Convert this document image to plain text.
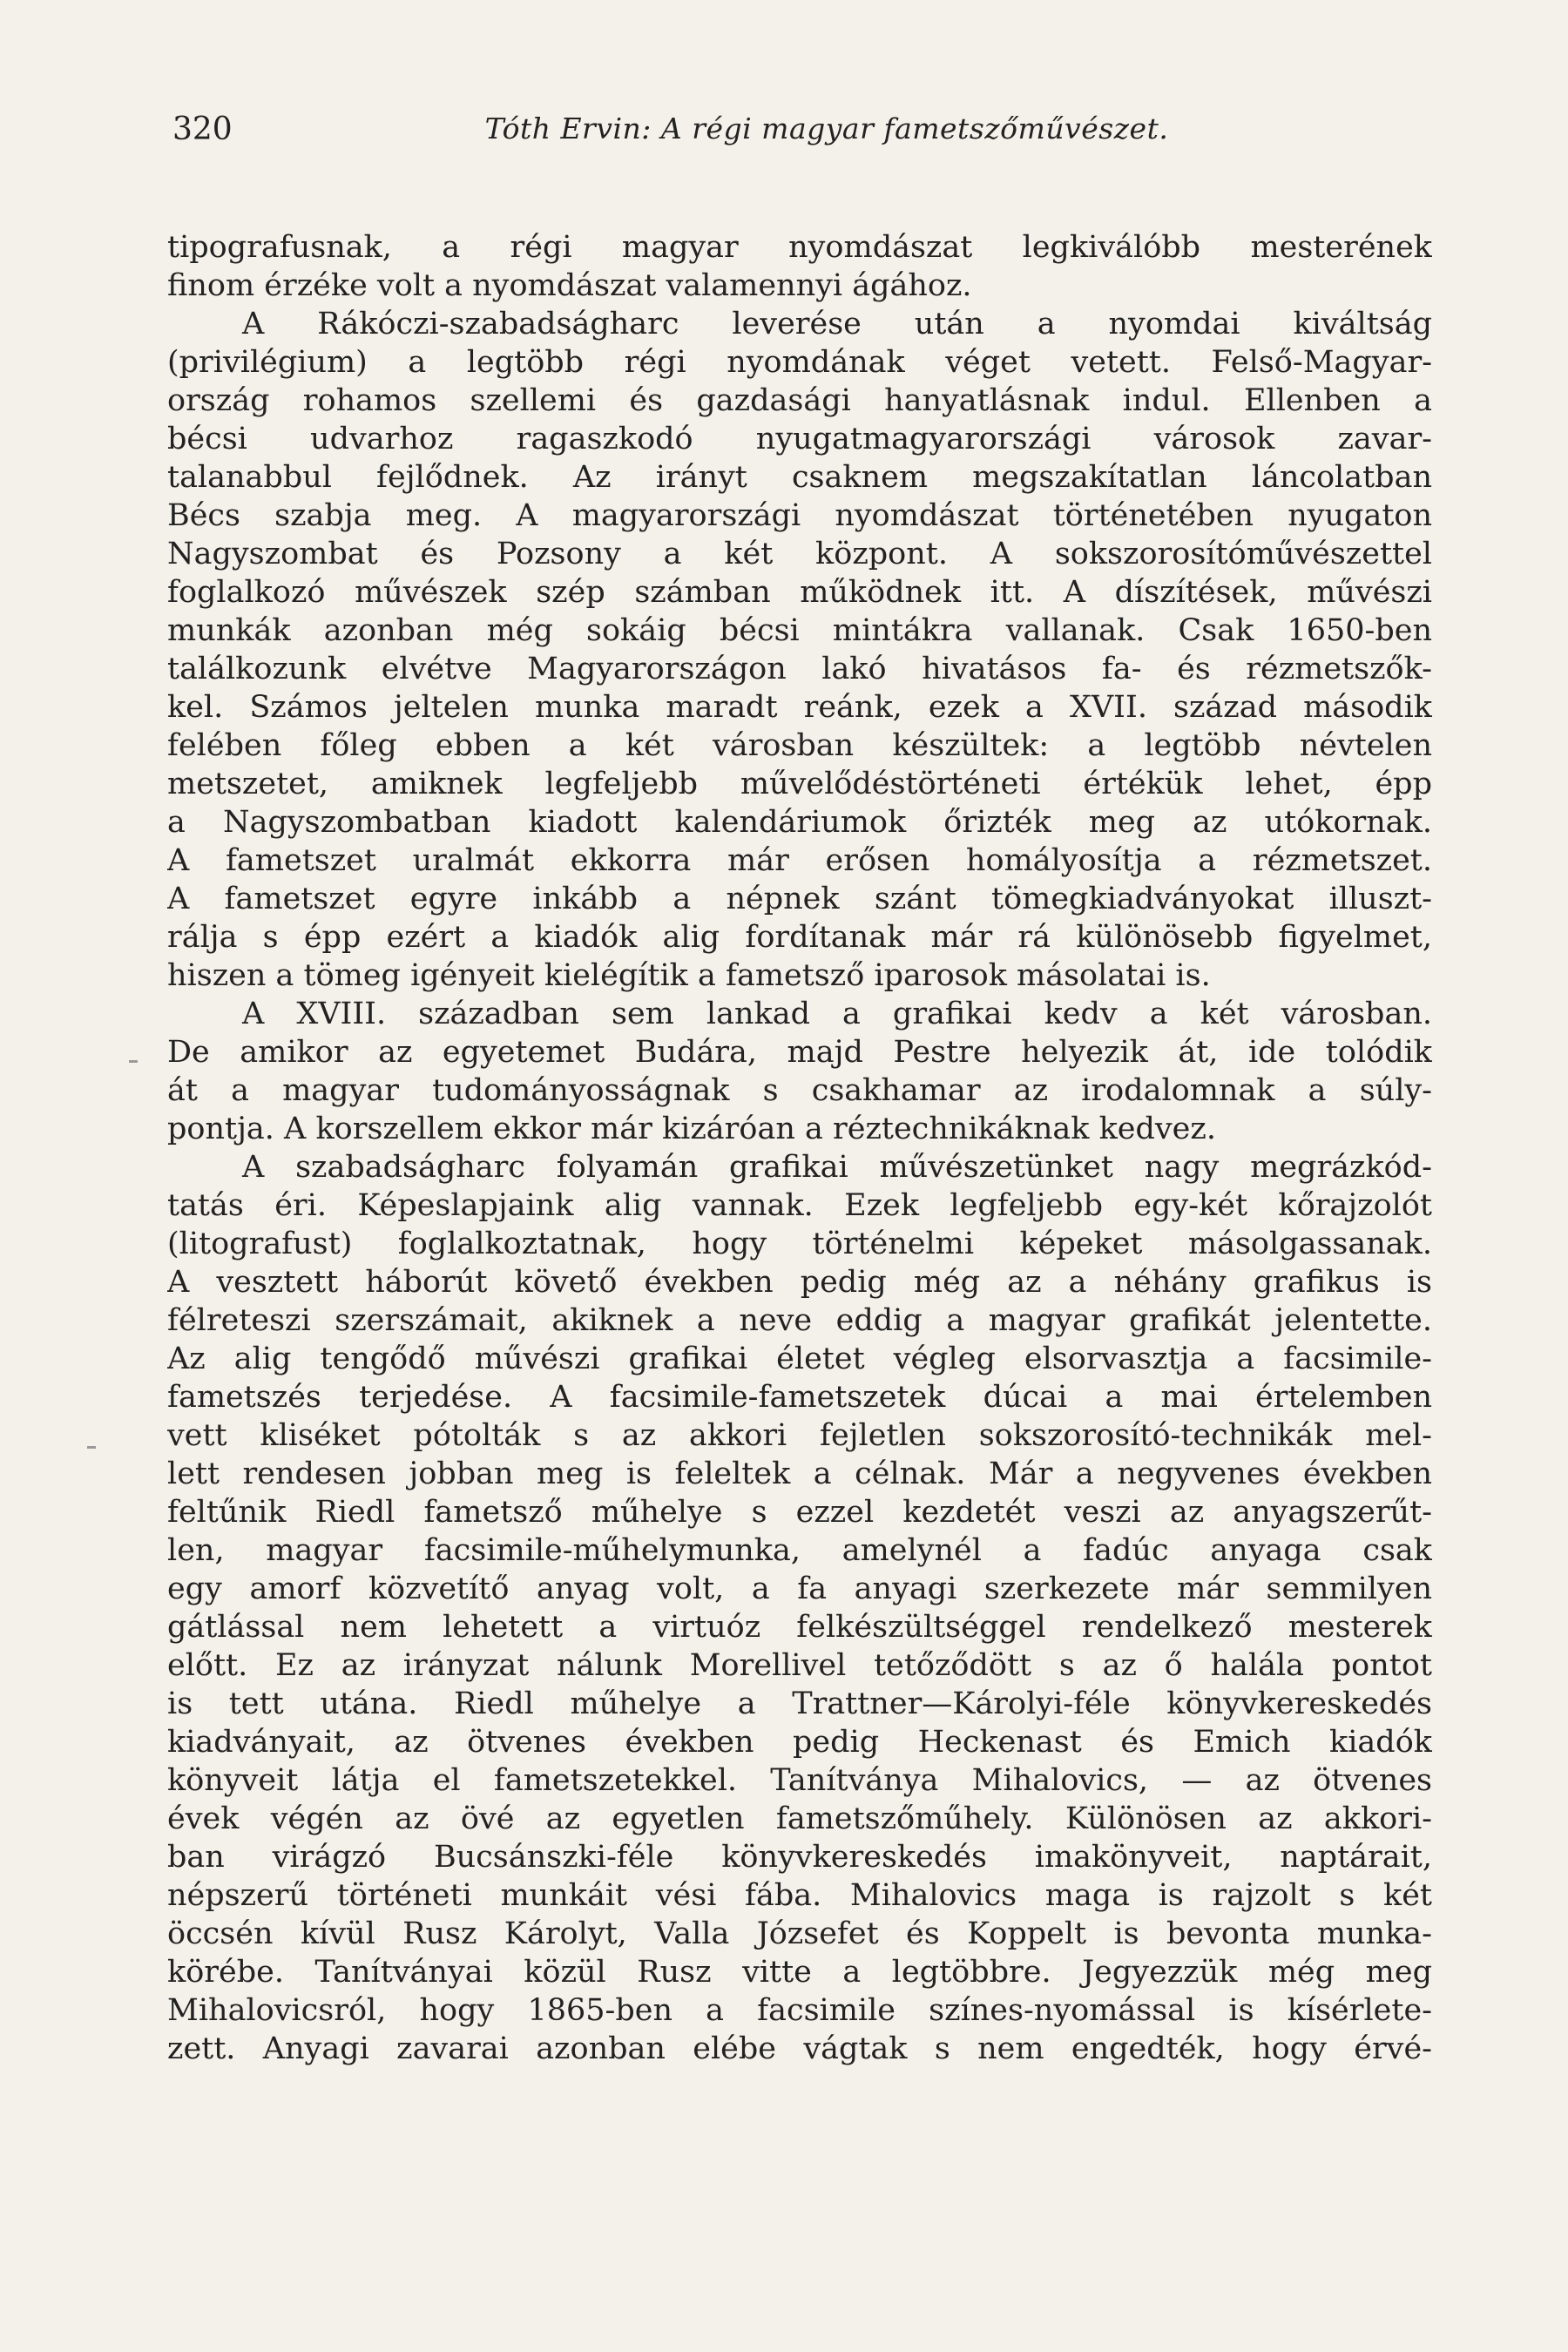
320	Tóth Ervin: A régi magyar fametszőművészet.
tipografusnak, a régi magyar nyomdászat legkiválóbb mesterének
finom érzéke volt a nyomdászat valamennyi ágához.
A Rákóczi-szabadságharc leverése után a nyomdai kiváltság
(privilégium) a legtöbb régi nyomdának véget vetett. Felső-Magyar-
ország rohamos szellemi és gazdasági hanyatlásnak indul. Ellenben a
bécsi udvarhoz ragaszkodó nyugatmagyarországi városok zavar-
talanabbul fejlődnek. Az irányt csaknem megszakítatlan láncolatban
Bécs szabja meg. A magyarországi nyomdászat történetében nyugaton
Nagyszombat és Pozsony a két központ. A sokszorosítóművészettel
foglalkozó művészek szép számban működnek itt. A díszítések, művészi
munkák azonban még sokáig bécsi mintákra vallanak. Csak 1650-ben
találkozunk elvétve Magyarországon lakó hivatásos fa- és rézmetszők-
kel. Számos jeltelen munka maradt reánk, ezek a XVII. század második
felében főleg ebben a két városban készültek: a legtöbb névtelen
metszetet, amiknek legfeljebb művelődéstörténeti értékük lehet, épp
a Nagyszombatban kiadott kalendáriumok őrizték meg az utókornak.
A fametszet uralmát ekkorra már erősen homályosítja a rézmetszet.
A fametszet egyre inkább a népnek szánt tömegkiadványokat illuszt-
rálja s épp ezért a kiadók alig fordítanak már rá különösebb figyelmet,
hiszen a tömeg igényeit kielégítik a fametsző iparosok másolatai is.
A XVIII. században sem lankad a grafikai kedv a két városban.
De amikor az egyetemet Budára, majd Pestre helyezik át, ide tolódik
át a magyar tudományosságnak s csakhamar az irodalomnak a súly-
pontja. A korszellem ekkor már kizáróan a réztechnikáknak kedvez.
A szabadságharc folyamán grafikai művészetünket nagy megrázkód-
tatás éri. Képeslapjaink alig vannak. Ezek legfeljebb egy-két kőrajzolót
(litografust) foglalkoztatnak, hogy történelmi képeket másolgassanak.
A vesztett háborút követő években pedig még az a néhány grafikus is
félreteszi szerszámait, akiknek a neve eddig a magyar grafikát jelentette.
Az alig tengődő művészi grafikai életet végleg elsorvasztja a facsimile-
fametszés terjedése. A facsimile-fametszetek dúcai a mai értelemben
vett kliséket pótolták s az akkori fejletlen sokszorosító-technikák mel-
lett rendesen jobban meg is feleltek a célnak. Már a negyvenes években
feltűnik Riedl fametsző műhelye s ezzel kezdetét veszi az anyagszerűt-
len, magyar facsimile-műhelymunka, amelynél a fadúc anyaga csak
egy amorf közvetítő anyag volt, a fa anyagi szerkezete már semmilyen
gátlással nem lehetett a virtuóz felkészültséggel rendelkező mesterek
előtt. Ez az irányzat nálunk Morellivel tetőződött s az ő halála pontot
is tett utána. Riedl műhelye a Trattner—Károlyi-féle könyvkereskedés
kiadványait, az ötvenes években pedig Heckenast és Emich kiadók
könyveit látja el fametszetekkel. Tanítványa Mihalovics, — az ötvenes
évek végén az övé az egyetlen fametszőműhely. Különösen az akkori-
ban virágzó Bucsánszki-féle könyvkereskedés imakönyveit, naptárait,
népszerű történeti munkáit vési fába. Mihalovics maga is rajzolt s két
öccsén kívül Rusz Károlyt, Valla Józsefet és Koppelt is bevonta munka-
körébe. Tanítványai közül Rusz vitte a legtöbbre. Jegyezzük még meg
Mihalovicsról, hogy 1865-ben a facsimile színes-nyomással is kísérlete-
zett. Anyagi zavarai azonban elébe vágtak s nem engedték, hogy érvé-
